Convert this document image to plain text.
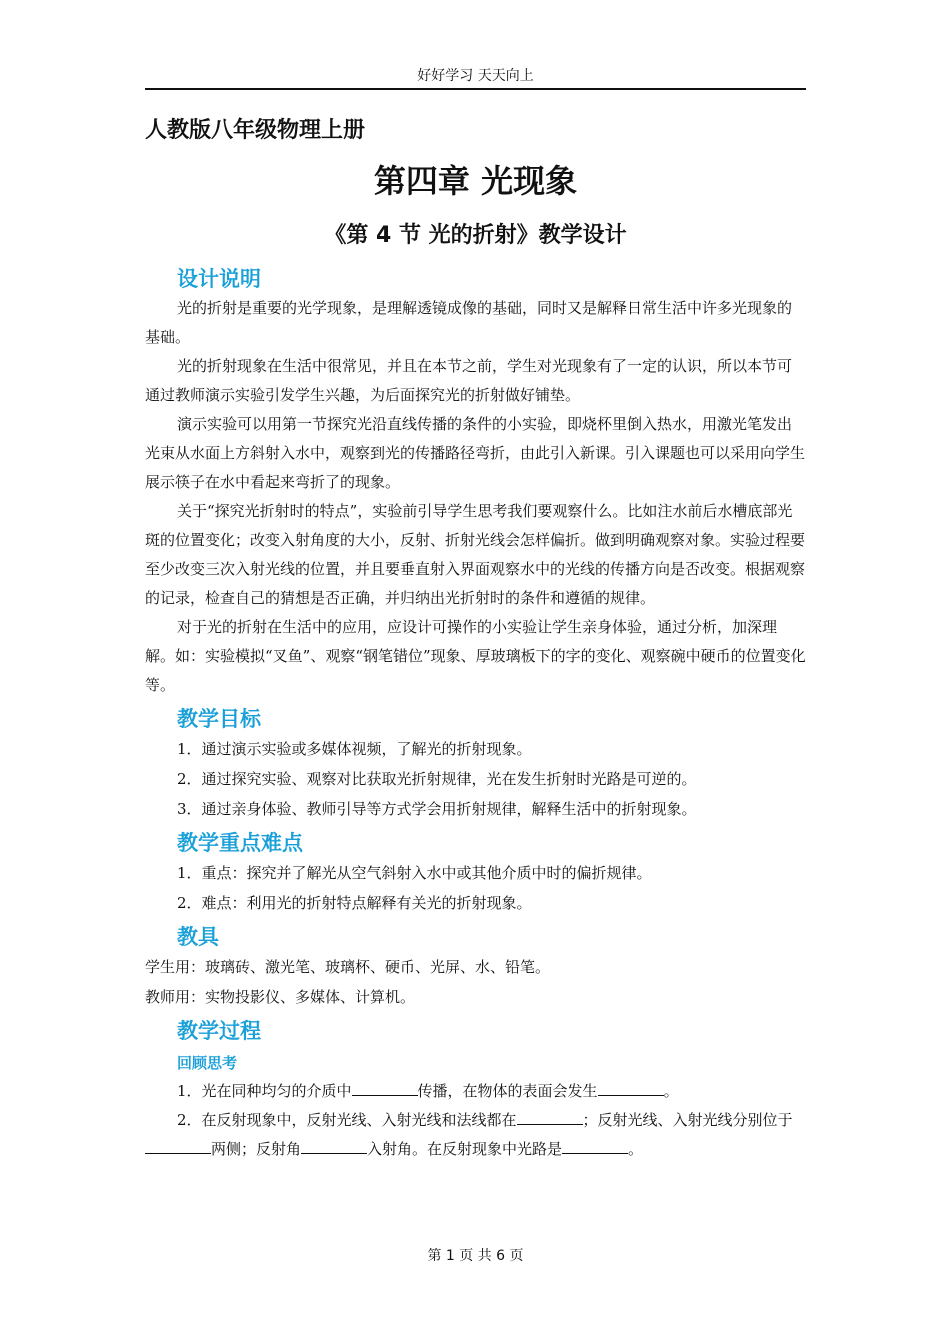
好好学习 天天向上
人教版八年级物理上册
第四章 光现象
《第 4 节 光的折射》教学设计
设计说明

光的折射是重要的光学现象，是理解透镜成像的基础，同时又是解释日常生活中许多光现象的基础。

光的折射现象在生活中很常见，并且在本节之前，学生对光现象有了一定的认识，所以本节可通过教师演示实验引发学生兴趣，为后面探究光的折射做好铺垫。

演示实验可以用第一节探究光沿直线传播的条件的小实验，即烧杯里倒入热水，用激光笔发出光束从水面上方斜射入水中，观察到光的传播路径弯折，由此引入新课。引入课题也可以采用向学生展示筷子在水中看起来弯折了的现象。

关于“探究光折射时的特点”，实验前引导学生思考我们要观察什么。比如注水前后水槽底部光斑的位置变化；改变入射角度的大小，反射、折射光线会怎样偏折。做到明确观察对象。实验过程要至少改变三次入射光线的位置，并且要垂直射入界面观察水中的光线的传播方向是否改变。根据观察的记录，检查自己的猜想是否正确，并归纳出光折射时的条件和遵循的规律。

对于光的折射在生活中的应用，应设计可操作的小实验让学生亲身体验，通过分析，加深理解。如：实验模拟“叉鱼”、观察“钢笔错位”现象、厚玻璃板下的字的变化、观察碗中硬币的位置变化等。

教学目标

1．通过演示实验或多媒体视频，了解光的折射现象。

2．通过探究实验、观察对比获取光折射规律，光在发生折射时光路是可逆的。

3．通过亲身体验、教师引导等方式学会用折射规律，解释生活中的折射现象。

教学重点难点

1．重点：探究并了解光从空气斜射入水中或其他介质中时的偏折规律。

2．难点：利用光的折射特点解释有关光的折射现象。

教具

学生用：玻璃砖、激光笔、玻璃杯、硬币、光屏、水、铅笔。

教师用：实物投影仪、多媒体、计算机。

教学过程
回顾思考

1．光在同种均匀的介质中	传播，在物体的表面会发生	。

2．在反射现象中，反射光线、入射光线和法线都在	；反射光线、入射光线分别位于两侧；反射角	入射角。在反射现象中光路是	。

第 1 页 共 6 页
